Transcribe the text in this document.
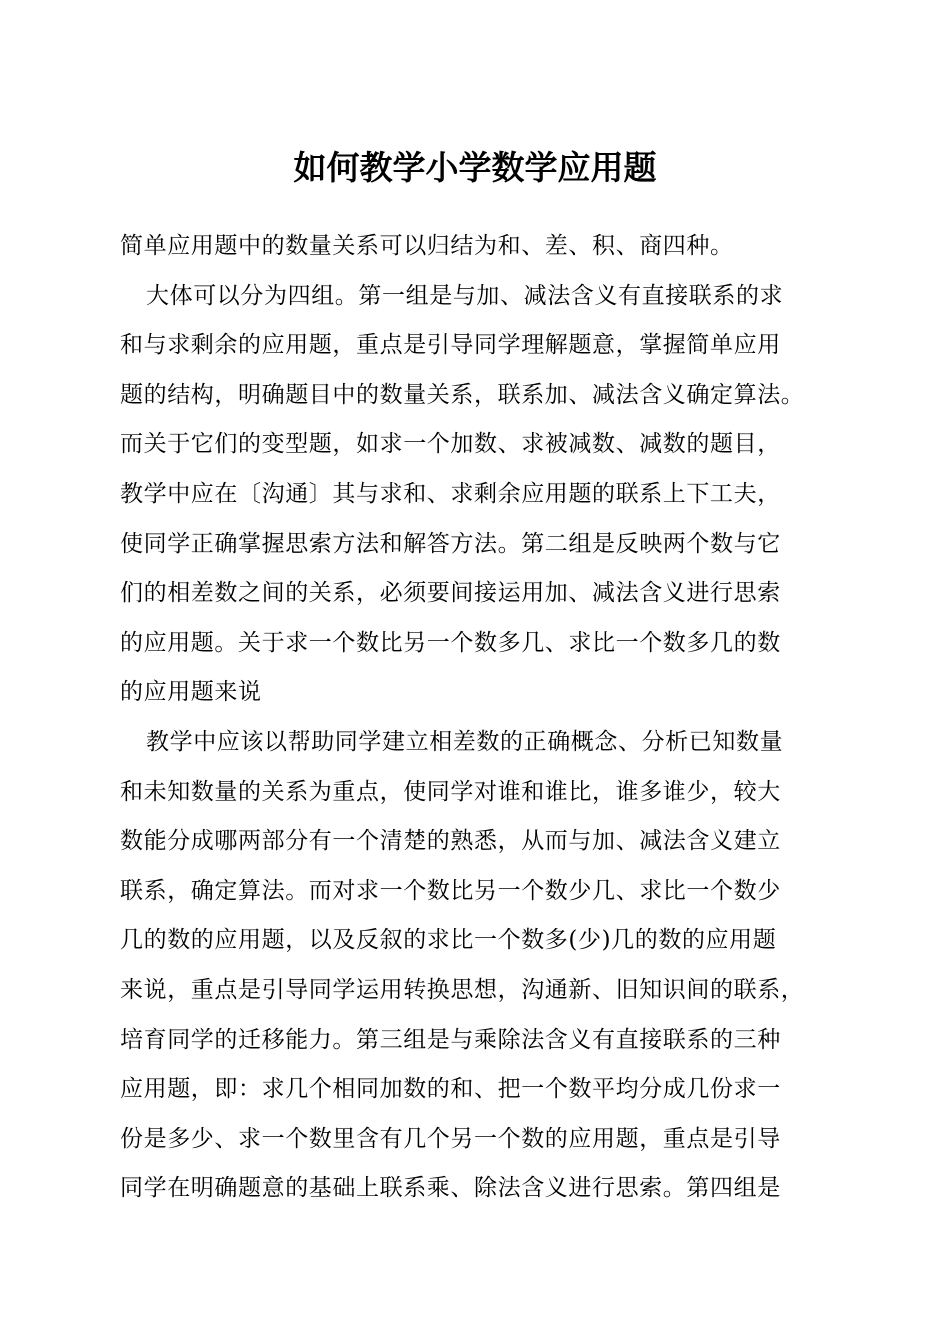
如何教学小学数学应用题
简单应用题中的数量关系可以归结为和、差、积、商四种。
大体可以分为四组。第一组是与加、减法含义有直接联系的求
和与求剩余的应用题，重点是引导同学理解题意，掌握简单应用
题的结构，明确题目中的数量关系，联系加、减法含义确定算法。
而关于它们的变型题，如求一个加数、求被减数、减数的题目，
教学中应在〔沟通〕其与求和、求剩余应用题的联系上下工夫，
使同学正确掌握思索方法和解答方法。第二组是反映两个数与它
们的相差数之间的关系，必须要间接运用加、减法含义进行思索
的应用题。关于求一个数比另一个数多几、求比一个数多几的数
的应用题来说
教学中应该以帮助同学建立相差数的正确概念、分析已知数量
和未知数量的关系为重点，使同学对谁和谁比，谁多谁少，较大
数能分成哪两部分有一个清楚的熟悉，从而与加、减法含义建立
联系，确定算法。而对求一个数比另一个数少几、求比一个数少
几的数的应用题，以及反叙的求比一个数多(少)几的数的应用题
来说，重点是引导同学运用转换思想，沟通新、旧知识间的联系，
培育同学的迁移能力。第三组是与乘除法含义有直接联系的三种
应用题，即：求几个相同加数的和、把一个数平均分成几份求一
份是多少、求一个数里含有几个另一个数的应用题，重点是引导
同学在明确题意的基础上联系乘、除法含义进行思索。第四组是
